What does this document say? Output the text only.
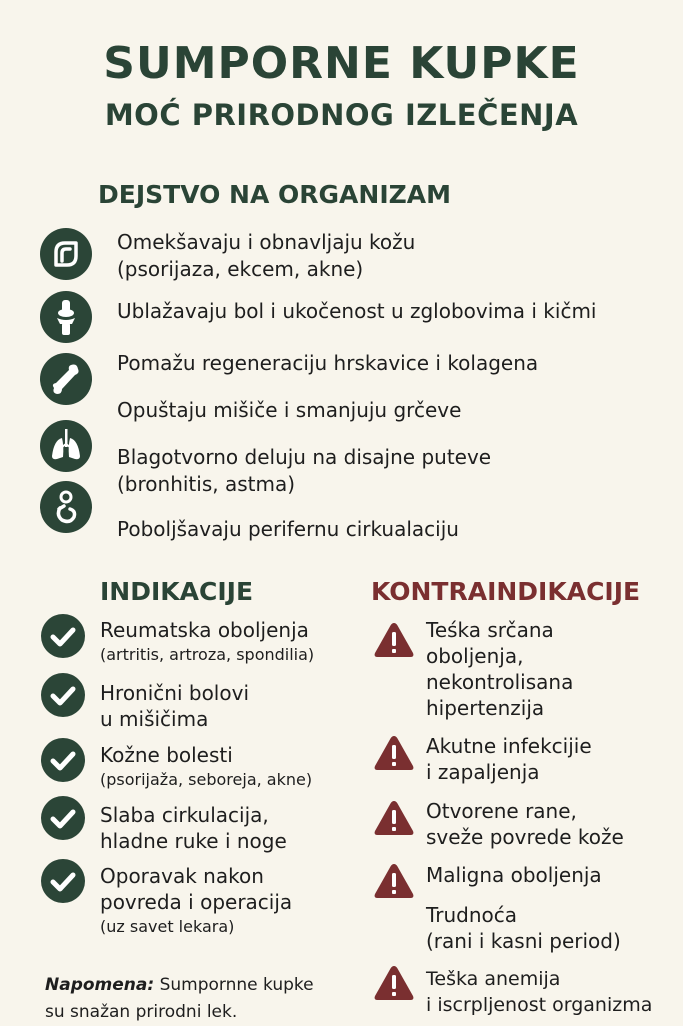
SUMPORNE KUPKE
MOĆ PRIRODNOG IZLEČENJA
DEJSTVO NA ORGANIZAM
Omekšavaju i obnavljaju kožu
(psorijaza, ekcem, akne)
Ublažavaju bol i ukočenost u zglobovima i kičmi
Pomažu regeneraciju hrskavice i kolagena
Opuštaju mišiče i smanjuju grčeve
Blagotvorno deluju na disajne puteve
(bronhitis, astma)
Poboljšavaju perifernu cirkualaciju
INDIKACIJE
Reumatska oboljenja
(artritis, artroza, spondilia)
Hronični bolovi
u mišičima
Kožne bolesti
(psorijaža, seboreja, akne)
Slaba cirkulacija,
hladne ruke i noge
Oporavak nakon
povreda i operacija
(uz savet lekara)
KONTRAINDIKACIJE
Teśka srčana
oboljenja,
nekontrolisana
hipertenzija
Akutne infekcijie
i zapaljenja
Otvorene rane,
sveže povrede kože
Maligna oboljenja
Trudnoća
(rani i kasni period)
Teška anemija
i iscrpljenost organizma
Napomena: Sumpornne kupke
su snažan prirodni lek.
